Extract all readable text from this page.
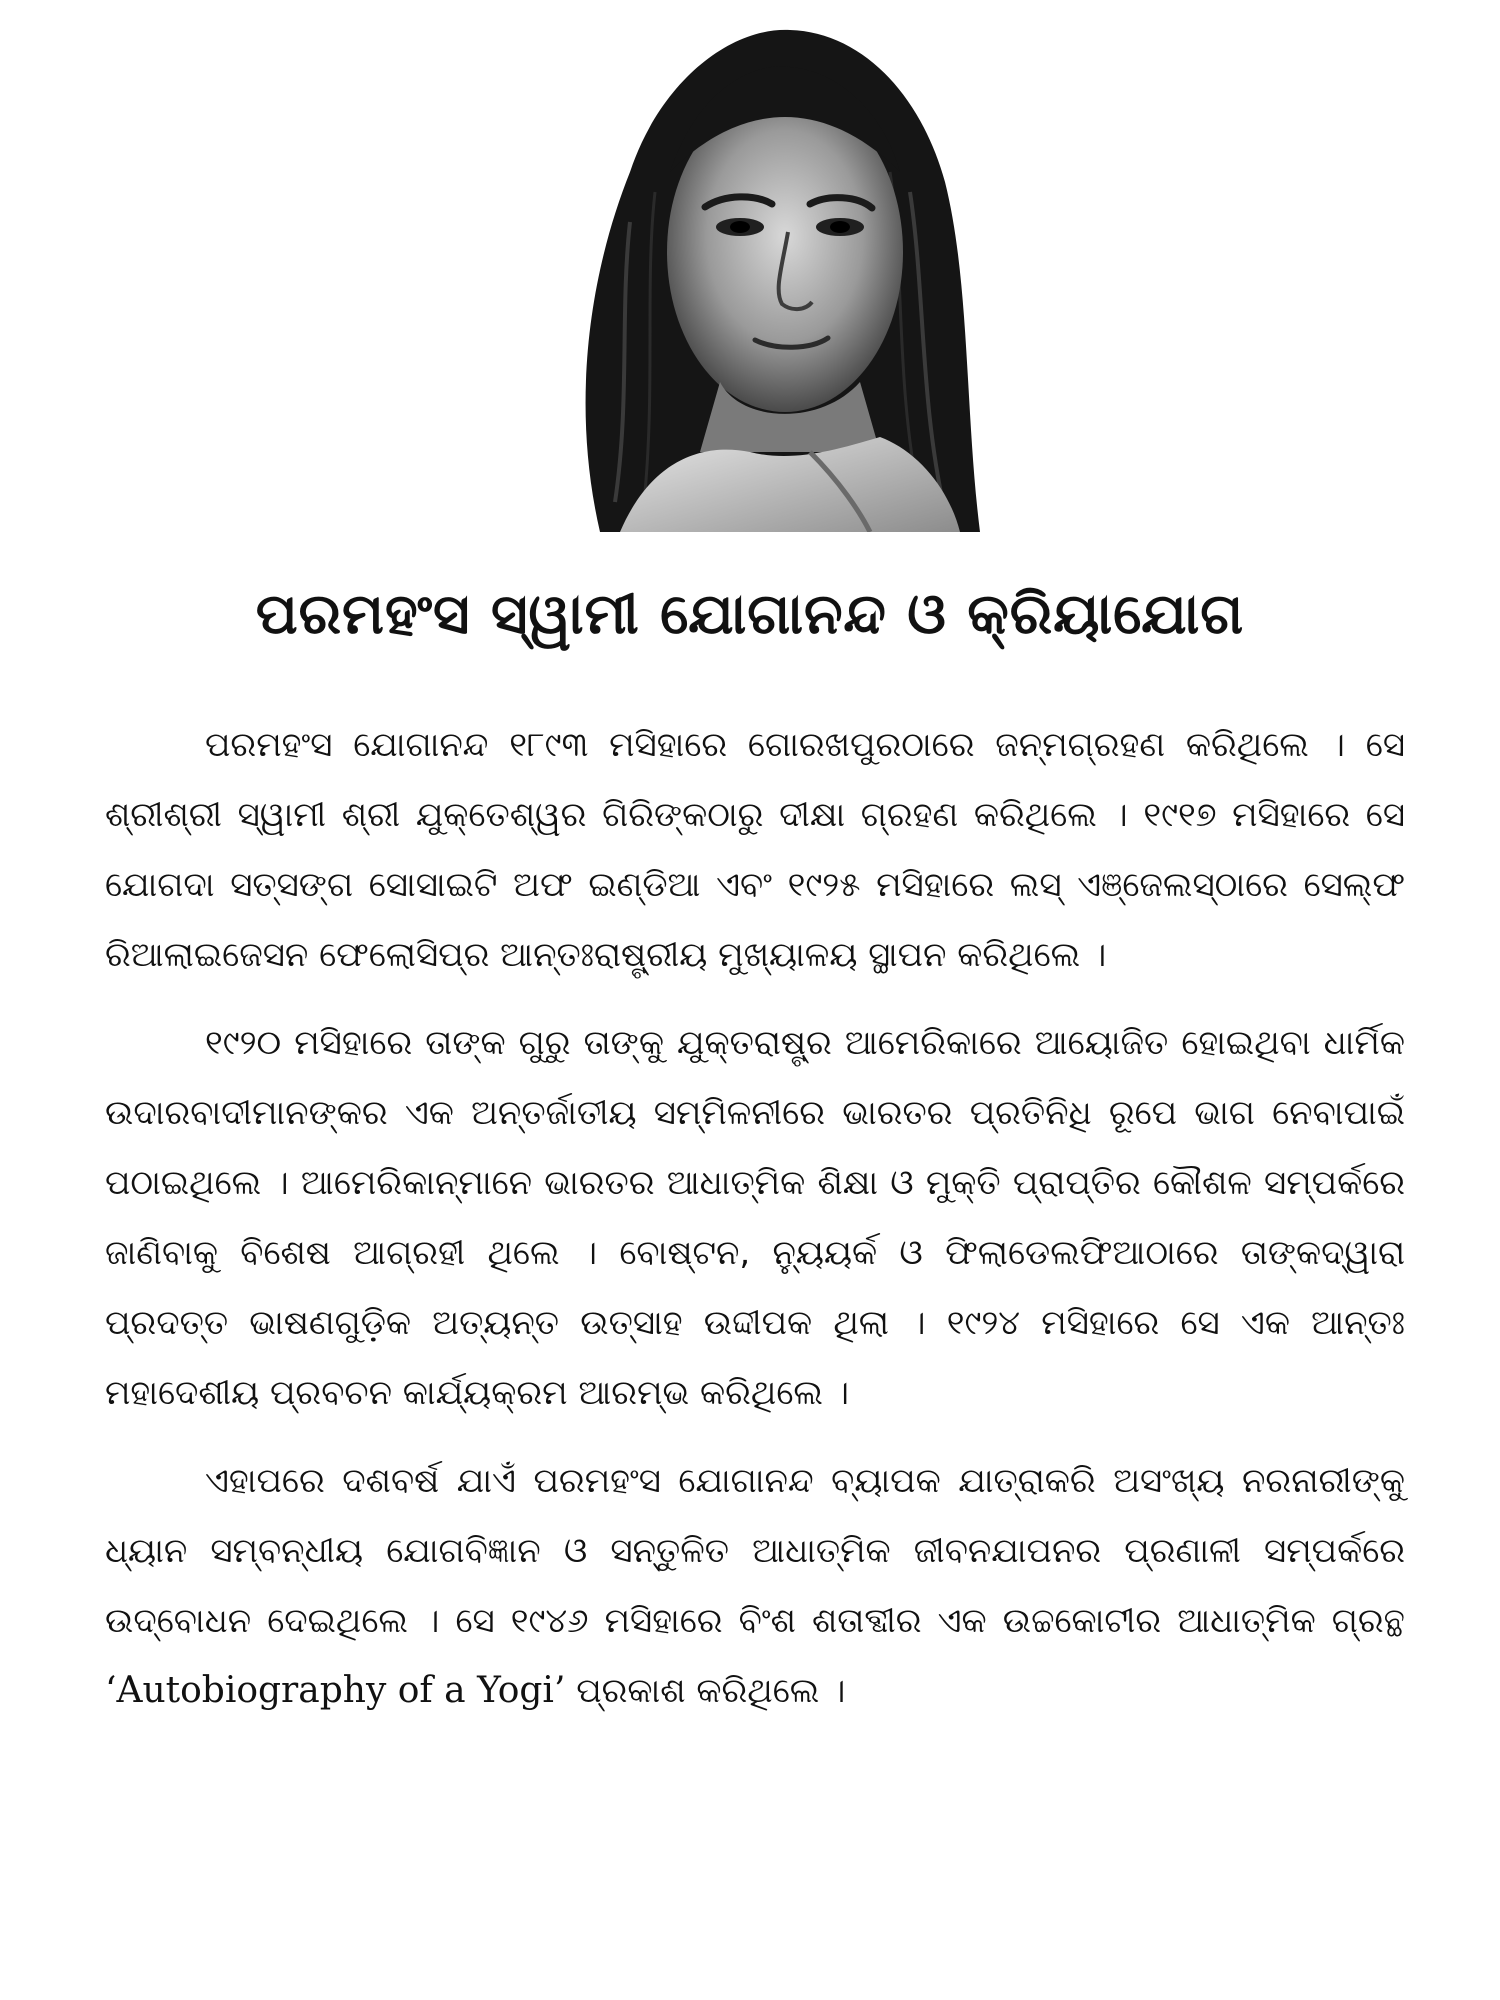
ପରମହଂସ ସ୍ୱାମୀ ଯୋଗାନନ୍ଦ ଓ କ୍ରିୟାଯୋଗ

ପରମହଂସ ଯୋଗାନନ୍ଦ ୧୮୯୩ ମସିହାରେ ଗୋରଖପୁରଠାରେ ଜନ୍ମଗ୍ରହଣ କରିଥିଲେ । ସେ ଶ୍ରୀଶ୍ରୀ ସ୍ୱାମୀ ଶ୍ରୀ ଯୁକ୍ତେଶ୍ୱର ଗିରିଙ୍କଠାରୁ ଦୀକ୍ଷା ଗ୍ରହଣ କରିଥିଲେ । ୧୯୧୭ ମସିହାରେ ସେ ଯୋଗଦା ସତ୍‌ସଙ୍ଗ ସୋସାଇଟି ଅଫ ଇଣ୍ଡିଆ ଏବଂ ୧୯୨୫ ମସିହାରେ ଲସ୍ ଏଞ୍ଜେଲସ୍‌ଠାରେ ସେଲ୍‌ଫ ରିଆଲାଇଜେସନ ଫେଲୋସିପ୍‌ର ଆନ୍ତଃରାଷ୍ଟ୍ରୀୟ ମୁଖ୍ୟାଳୟ ସ୍ଥାପନ କରିଥିଲେ ।

୧୯୨୦ ମସିହାରେ ତାଙ୍କ ଗୁରୁ ତାଙ୍କୁ ଯୁକ୍ତରାଷ୍ଟ୍ର ଆମେରିକାରେ ଆୟୋଜିତ ହୋଇଥିବା ଧାର୍ମିକ ଉଦାରବାଦୀମାନଙ୍କର ଏକ ଅନ୍ତର୍ଜାତୀୟ ସମ୍ମିଳନୀରେ ଭାରତର ପ୍ରତିନିଧି ରୂପେ ଭାଗ ନେବାପାଇଁ ପଠାଇଥିଲେ । ଆମେରିକାନ୍‌ମାନେ ଭାରତର ଆଧାତ୍ମିକ ଶିକ୍ଷା ଓ ମୁକ୍ତି ପ୍ରାପ୍ତିର କୌଶଳ ସମ୍ପର୍କରେ ଜାଣିବାକୁ ବିଶେଷ ଆଗ୍ରହୀ ଥିଲେ । ବୋଷ୍ଟନ, ନ୍ୟୁୟର୍କ ଓ ଫିଲାଡେଲଫିଆଠାରେ ତାଙ୍କଦ୍ୱାରା ପ୍ରଦତ୍ତ ଭାଷଣଗୁଡ଼ିକ ଅତ୍ୟନ୍ତ ଉତ୍ସାହ ଉଦ୍ଦୀପକ ଥିଲା । ୧୯୨୪ ମସିହାରେ ସେ ଏକ ଆନ୍ତଃ ମହାଦେଶୀୟ ପ୍ରବଚନ କାର୍ଯ୍ୟକ୍ରମ ଆରମ୍ଭ କରିଥିଲେ ।

ଏହାପରେ ଦଶବର୍ଷ ଯାଏଁ ପରମହଂସ ଯୋଗାନନ୍ଦ ବ୍ୟାପକ ଯାତ୍ରାକରି ଅସଂଖ୍ୟ ନରନାରୀଙ୍କୁ ଧ୍ୟାନ ସମ୍ବନ୍ଧୀୟ ଯୋଗବିଜ୍ଞାନ ଓ ସନ୍ତୁଳିତ ଆଧାତ୍ମିକ ଜୀବନଯାପନର ପ୍ରଣାଳୀ ସମ୍ପର୍କରେ ଉଦ୍‌ବୋଧନ ଦେଇଥିଲେ । ସେ ୧୯୪୬ ମସିହାରେ ବିଂଶ ଶତାବ୍ଦୀର ଏକ ଉଚ୍ଚକୋଟୀର ଆଧାତ୍ମିକ ଗ୍ରନ୍ଥ ‘Autobiography of a Yogi’ ପ୍ରକାଶ କରିଥିଲେ ।
